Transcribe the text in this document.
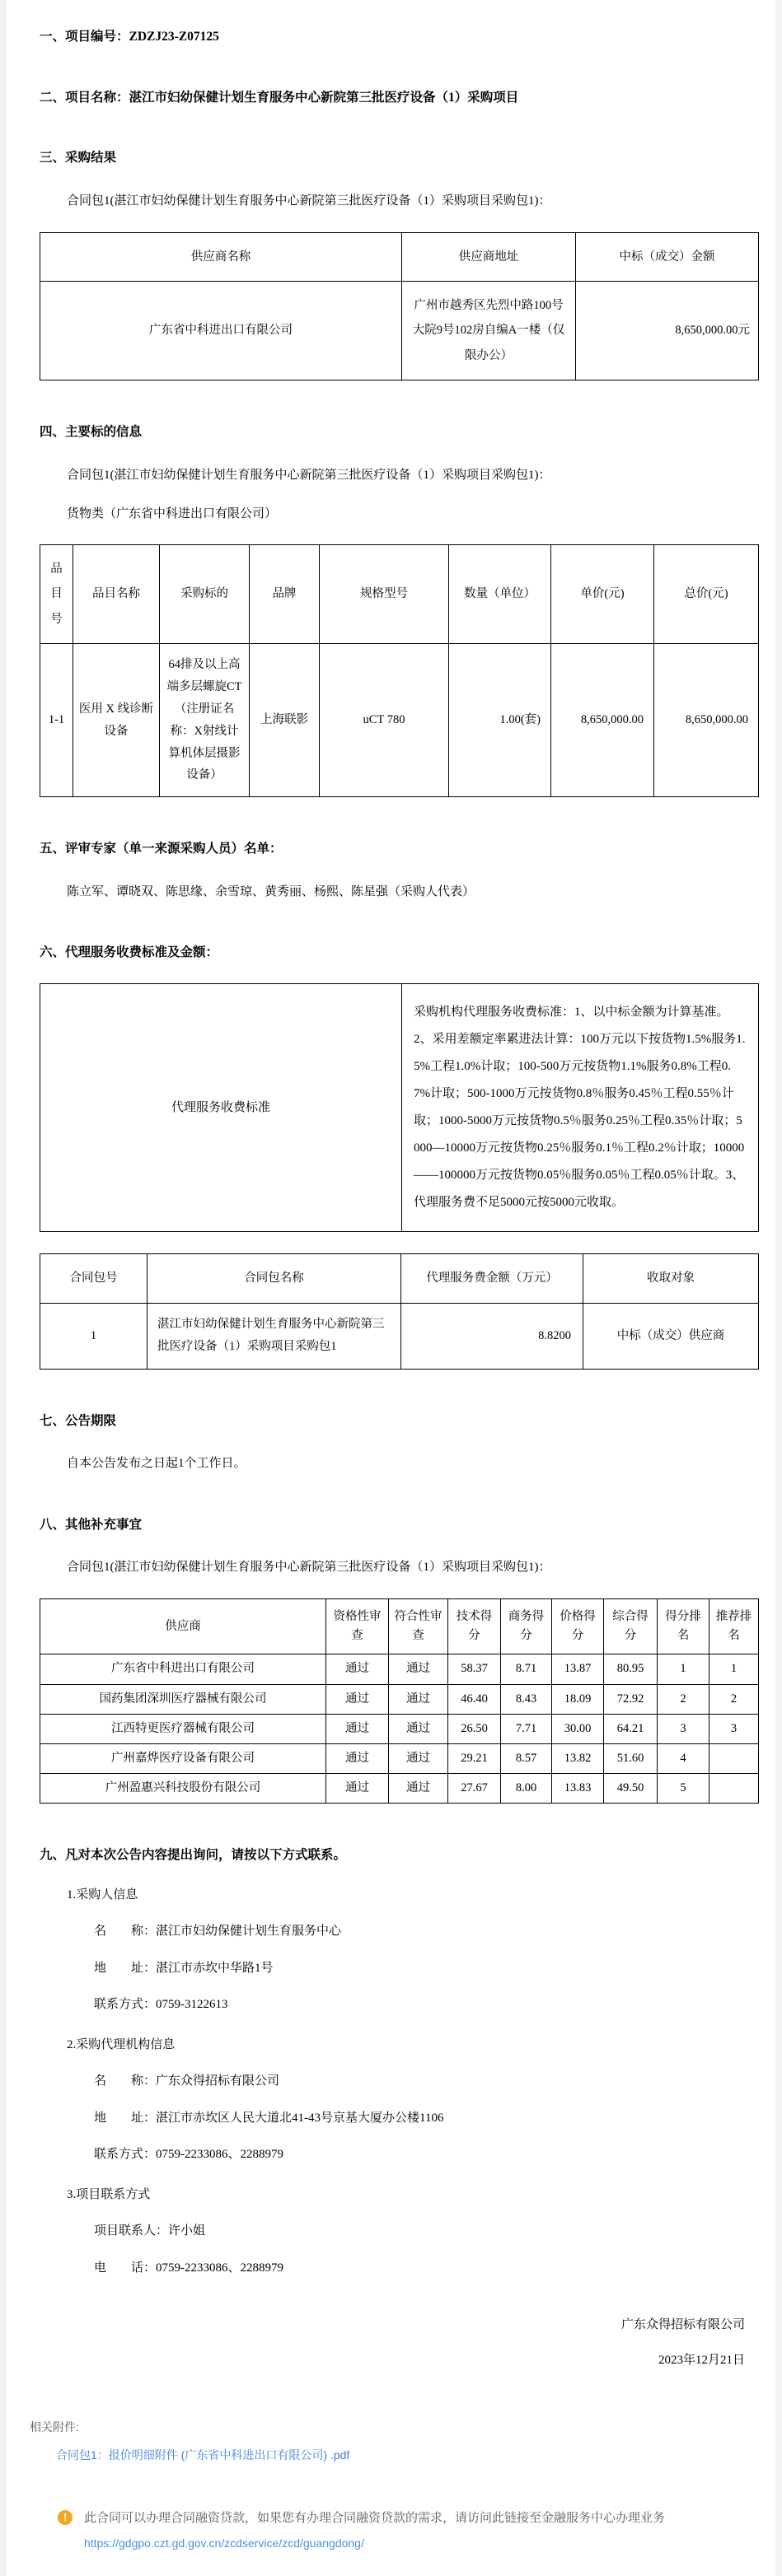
一、项目编号：ZDZJ23-Z07125
二、项目名称：湛江市妇幼保健计划生育服务中心新院第三批医疗设备（1）采购项目
三、采购结果
合同包1(湛江市妇幼保健计划生育服务中心新院第三批医疗设备（1）采购项目采购包1)：
供应商名称	供应商地址	中标（成交）金额
广东省中科进出口有限公司	广州市越秀区先烈中路100号大院9号102房自编A一楼（仅限办公）	8,650,000.00元
四、主要标的信息
合同包1(湛江市妇幼保健计划生育服务中心新院第三批医疗设备（1）采购项目采购包1)：
货物类（广东省中科进出口有限公司）
品目号	品目名称	采购标的	品牌	规格型号	数量（单位）	单价(元)	总价(元)
1-1	医用 X 线诊断设备	64排及以上高端多层螺旋CT（注册证名称：X射线计算机体层摄影设备）	上海联影	uCT 780	1.00(套)	8,650,000.00	8,650,000.00
五、评审专家（单一来源采购人员）名单：
陈立军、谭晓双、陈思缘、余雪琼、黄秀丽、杨熙、陈星强（采购人代表）
六、代理服务收费标准及金额：
代理服务收费标准	采购机构代理服务收费标准：1、以中标金额为计算基准。2、采用差额定率累进法计算：100万元以下按货物1.5%服务1.5%工程1.0%计取；100-500万元按货物1.1%服务0.8%工程0.7%计取；500-1000万元按货物0.8％服务0.45％工程0.55％计取；1000-5000万元按货物0.5％服务0.25％工程0.35％计取；5000—10000万元按货物0.25％服务0.1％工程0.2％计取；10000——100000万元按货物0.05％服务0.05％工程0.05％计取。3、代理服务费不足5000元按5000元收取。
合同包号	合同包名称	代理服务费金额（万元）	收取对象
1	湛江市妇幼保健计划生育服务中心新院第三批医疗设备（1）采购项目采购包1	8.8200	中标（成交）供应商
七、公告期限
自本公告发布之日起1个工作日。
八、其他补充事宜
合同包1(湛江市妇幼保健计划生育服务中心新院第三批医疗设备（1）采购项目采购包1)：
供应商	资格性审查	符合性审查	技术得分	商务得分	价格得分	综合得分	得分排名	推荐排名
广东省中科进出口有限公司	通过	通过	58.37	8.71	13.87	80.95	1	1
国药集团深圳医疗器械有限公司	通过	通过	46.40	8.43	18.09	72.92	2	2
江西特更医疗器械有限公司	通过	通过	26.50	7.71	30.00	64.21	3	3
广州嘉烨医疗设备有限公司	通过	通过	29.21	8.57	13.82	51.60	4	
广州盈惠兴科技股份有限公司	通过	通过	27.67	8.00	13.83	49.50	5	
九、凡对本次公告内容提出询问，请按以下方式联系。
1.采购人信息
名　　称：湛江市妇幼保健计划生育服务中心
地　　址：湛江市赤坎中华路1号
联系方式：0759-3122613
2.采购代理机构信息
名　　称：广东众得招标有限公司
地　　址：湛江市赤坎区人民大道北41-43号京基大厦办公楼1106
联系方式：0759-2233086、2288979
3.项目联系方式
项目联系人：许小姐
电　　话：0759-2233086、2288979
广东众得招标有限公司
2023年12月21日
相关附件:
合同包1：报价明细附件 (广东省中科进出口有限公司) .pdf
!	此合同可以办理合同融资贷款，如果您有办理合同融资贷款的需求，请访问此链接至金融服务中心办理业务
https://gdgpo.czt.gd.gov.cn/zcdservice/zcd/guangdong/
